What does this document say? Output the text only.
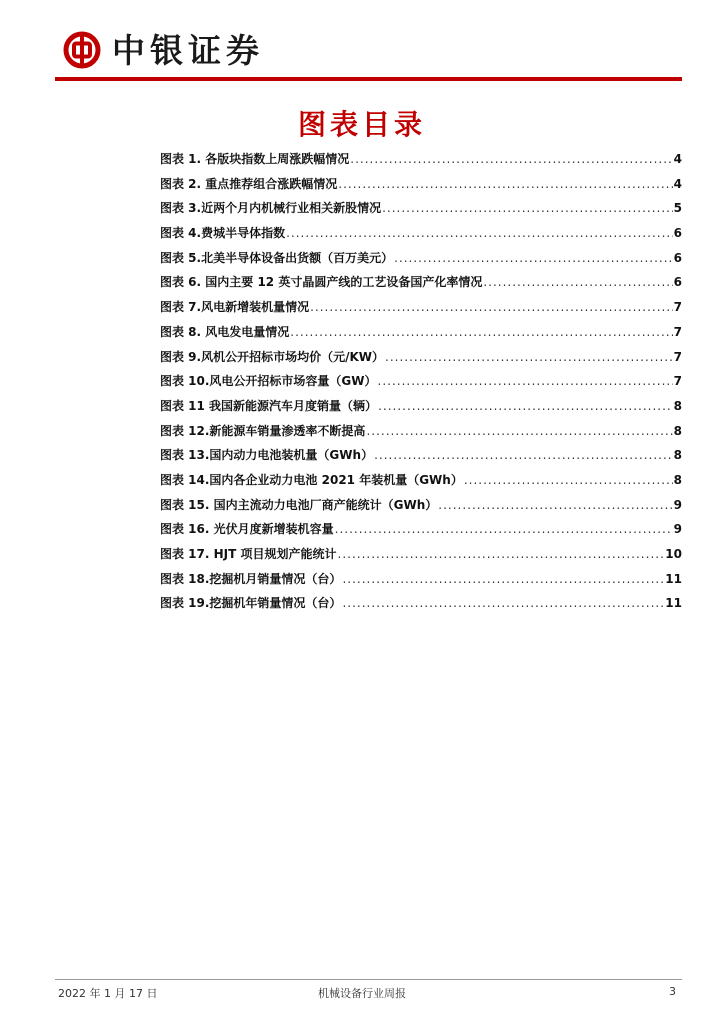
中银证券
图表目录
图表 1. 各版块指数上周涨跌幅情况 .....	4
图表 2. 重点推荐组合涨跌幅情况 .....	4
图表 3.近两个月内机械行业相关新股情况 .....	5
图表 4.费城半导体指数 .....	6
图表 5.北美半导体设备出货额（百万美元） .....	6
图表 6. 国内主要 12 英寸晶圆产线的工艺设备国产化率情况 .....	6
图表 7.风电新增装机量情况 .....	7
图表 8. 风电发电量情况 .....	7
图表 9.风机公开招标市场均价（元/KW） .....	7
图表 10.风电公开招标市场容量（GW） .....	7
图表 11 我国新能源汽车月度销量（辆） .....	8
图表 12.新能源车销量渗透率不断提高 .....	8
图表 13.国内动力电池装机量（GWh） .....	8
图表 14.国内各企业动力电池 2021 年装机量（GWh） .....	8
图表 15. 国内主流动力电池厂商产能统计（GWh） .....	9
图表 16. 光伏月度新增装机容量 .....	9
图表 17. HJT 项目规划产能统计 .....	10
图表 18.挖掘机月销量情况（台） .....	11
图表 19.挖掘机年销量情况（台） .....	11
2022 年 1 月 17 日	机械设备行业周报	3
